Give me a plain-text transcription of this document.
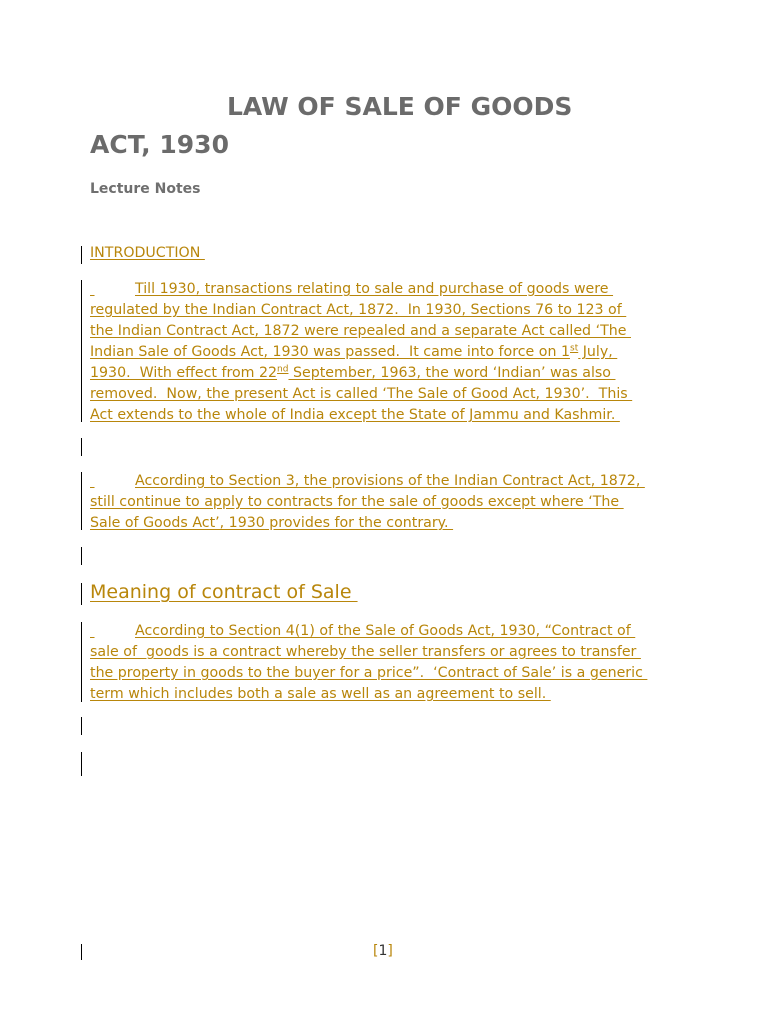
LAW OF SALE OF GOODS
ACT, 1930
Lecture Notes
INTRODUCTION
Till 1930, transactions relating to sale and purchase of goods were
regulated by the Indian Contract Act, 1872.  In 1930, Sections 76 to 123 of
the Indian Contract Act, 1872 were repealed and a separate Act called ‘The
Indian Sale of Goods Act, 1930 was passed.  It came into force on 1st July,
1930.  With effect from 22nd September, 1963, the word ‘Indian’ was also
removed.  Now, the present Act is called ‘The Sale of Good Act, 1930’.  This
Act extends to the whole of India except the State of Jammu and Kashmir.
According to Section 3, the provisions of the Indian Contract Act, 1872,
still continue to apply to contracts for the sale of goods except where ‘The
Sale of Goods Act’, 1930 provides for the contrary.
Meaning of contract of Sale
According to Section 4(1) of the Sale of Goods Act, 1930, “Contract of
sale of  goods is a contract whereby the seller transfers or agrees to transfer
the property in goods to the buyer for a price”.  ‘Contract of Sale’ is a generic
term which includes both a sale as well as an agreement to sell.
[1]
